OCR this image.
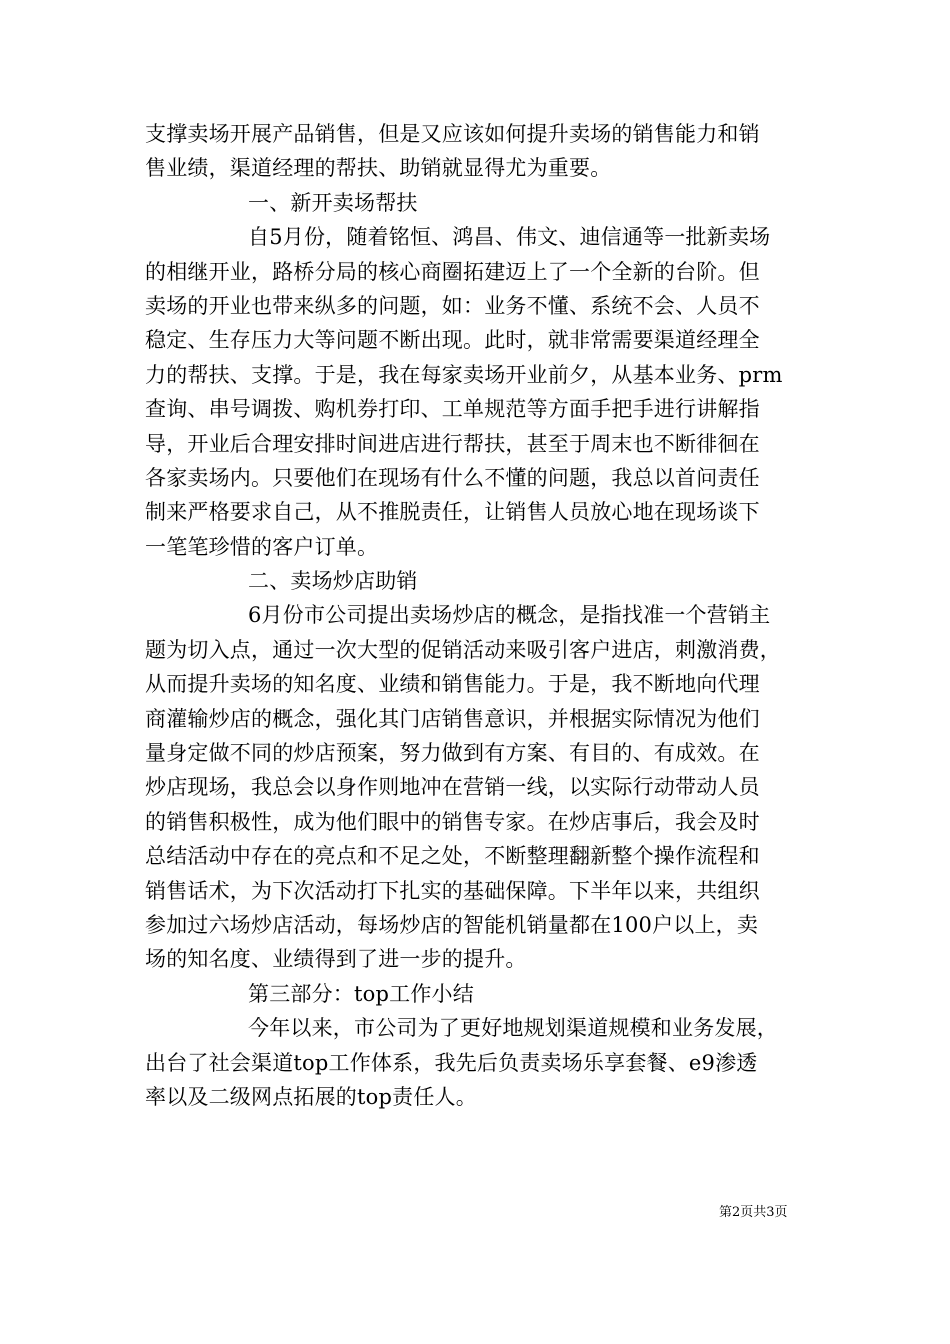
支撑卖场开展产品销售，但是又应该如何提升卖场的销售能力和销
售业绩，渠道经理的帮扶、助销就显得尤为重要。
一、新开卖场帮扶
自5月份，随着铭恒、鸿昌、伟文、迪信通等一批新卖场
的相继开业，路桥分局的核心商圈拓建迈上了一个全新的台阶。但
卖场的开业也带来纵多的问题，如：业务不懂、系统不会、人员不
稳定、生存压力大等问题不断出现。此时，就非常需要渠道经理全
力的帮扶、支撑。于是，我在每家卖场开业前夕，从基本业务、prm
查询、串号调拨、购机券打印、工单规范等方面手把手进行讲解指
导，开业后合理安排时间进店进行帮扶，甚至于周末也不断徘徊在
各家卖场内。只要他们在现场有什么不懂的问题，我总以首问责任
制来严格要求自己，从不推脱责任，让销售人员放心地在现场谈下
一笔笔珍惜的客户订单。
二、卖场炒店助销
6月份市公司提出卖场炒店的概念，是指找准一个营销主
题为切入点，通过一次大型的促销活动来吸引客户进店，刺激消费，
从而提升卖场的知名度、业绩和销售能力。于是，我不断地向代理
商灌输炒店的概念，强化其门店销售意识，并根据实际情况为他们
量身定做不同的炒店预案，努力做到有方案、有目的、有成效。在
炒店现场，我总会以身作则地冲在营销一线，以实际行动带动人员
的销售积极性，成为他们眼中的销售专家。在炒店事后，我会及时
总结活动中存在的亮点和不足之处，不断整理翻新整个操作流程和
销售话术，为下次活动打下扎实的基础保障。下半年以来，共组织
参加过六场炒店活动，每场炒店的智能机销量都在100户以上，卖
场的知名度、业绩得到了进一步的提升。
第三部分：top工作小结
今年以来，市公司为了更好地规划渠道规模和业务发展，
出台了社会渠道top工作体系，我先后负责卖场乐享套餐、e9渗透
率以及二级网点拓展的top责任人。
第2页共3页
